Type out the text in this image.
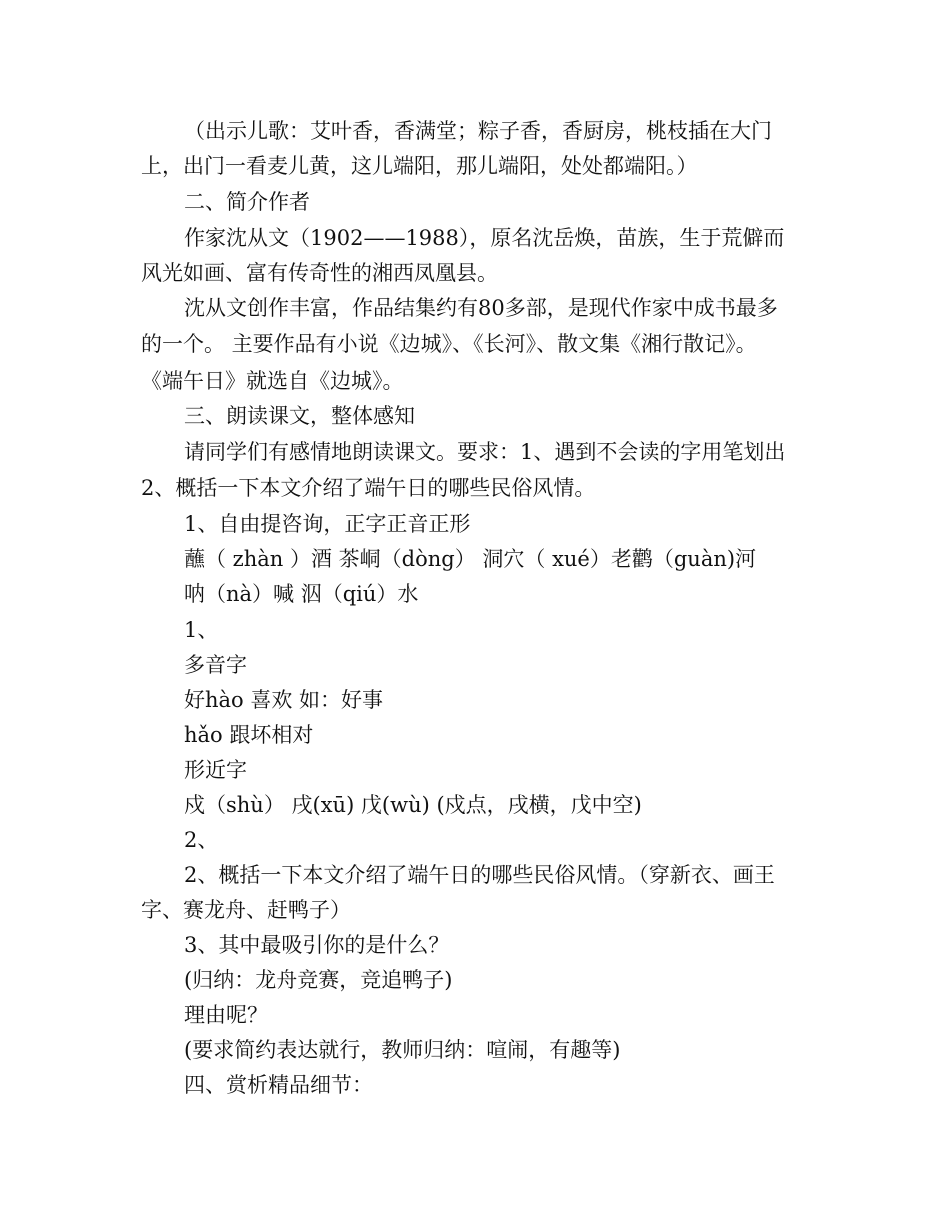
（出示儿歌：艾叶香，香满堂；粽子香，香厨房，桃枝插在大门
上，出门一看麦儿黄，这儿端阳，那儿端阳，处处都端阳。）
二、简介作者
作家沈从文（1902——1988），原名沈岳焕，苗族，生于荒僻而
风光如画、富有传奇性的湘西凤凰县。
沈从文创作丰富，作品结集约有80多部，是现代作家中成书最多
的一个。 主要作品有小说《边城》、《长河》、散文集《湘行散记》。
《端午日》就选自《边城》。
三、朗读课文，整体感知
请同学们有感情地朗读课文。要求：1、遇到不会读的字用笔划出
2、概括一下本文介绍了端午日的哪些民俗风情。
1、自由提咨询，正字正音正形
蘸（ zhàn ）酒 茶峒（dòng） 洞穴（ xué）老鹳（guàn)河
呐（nà）喊 泅（qiú）水
1、
多音字
好hào 喜欢 如：好事
hǎo 跟坏相对
形近字
戍（shù） 戌(xū) 戊(wù) (戍点，戌横，戊中空)
2、
2、概括一下本文介绍了端午日的哪些民俗风情。（穿新衣、画王
字、赛龙舟、赶鸭子）
3、其中最吸引你的是什么？
(归纳：龙舟竞赛，竞追鸭子)
理由呢？
(要求简约表达就行，教师归纳：喧闹，有趣等)
四、赏析精品细节：
